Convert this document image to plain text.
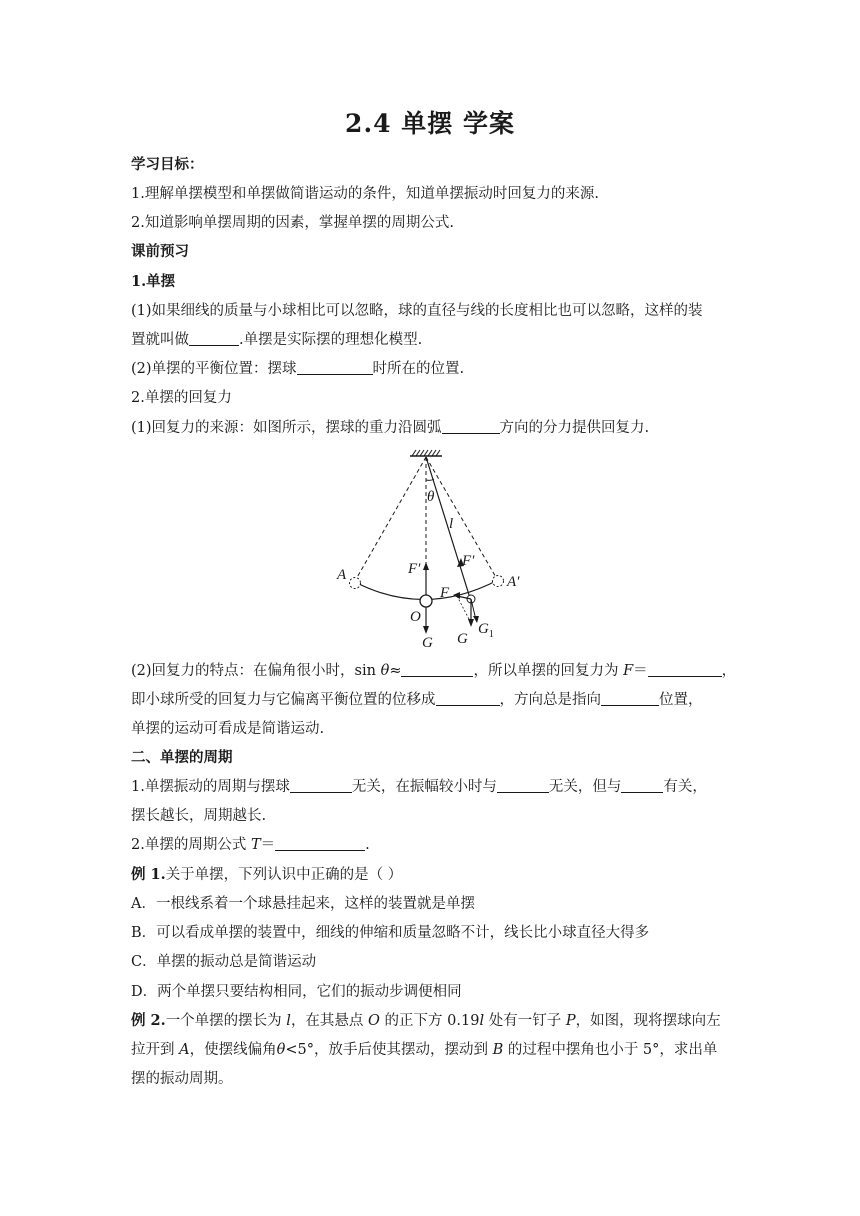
2.4 单摆 学案
学习目标：
1.理解单摆模型和单摆做简谐运动的条件，知道单摆振动时回复力的来源.
2.知道影响单摆周期的因素，掌握单摆的周期公式.
课前预习
1.单摆
(1)如果细线的质量与小球相比可以忽略，球的直径与线的长度相比也可以忽略，这样的装
置就叫做	.单摆是实际摆的理想化模型.
(2)单摆的平衡位置：摆球	时所在的位置.
2.单摆的回复力
(1)回复力的来源：如图所示，摆球的重力沿圆弧	方向的分力提供回复力.
A	A′
O
G G
$G_1$
F′
F
F′
l
θ
(2)回复力的特点：在偏角很小时，sin θ≈	，所以单摆的回复力为 F＝	，
即小球所受的回复力与它偏离平衡位置的位移成	，方向总是指向	位置，
单摆的运动可看成是简谐运动.
二、单摆的周期
1.单摆振动的周期与摆球	无关，在振幅较小时与	无关，但与	有关，
摆长越长，周期越长.
2.单摆的周期公式 T＝	.
例 1.关于单摆，下列认识中正确的是（ ）
A．一根线系着一个球悬挂起来，这样的装置就是单摆
B．可以看成单摆的装置中，细线的伸缩和质量忽略不计，线长比小球直径大得多
C．单摆的振动总是简谐运动
D．两个单摆只要结构相同，它们的振动步调便相同
例 2.一个单摆的摆长为 l，在其悬点 O 的正下方 0.19l 处有一钉子 P，如图，现将摆球向左
拉开到 A，使摆线偏角θ<5°，放手后使其摆动，摆动到 B 的过程中摆角也小于 5°，求出单
摆的振动周期。
